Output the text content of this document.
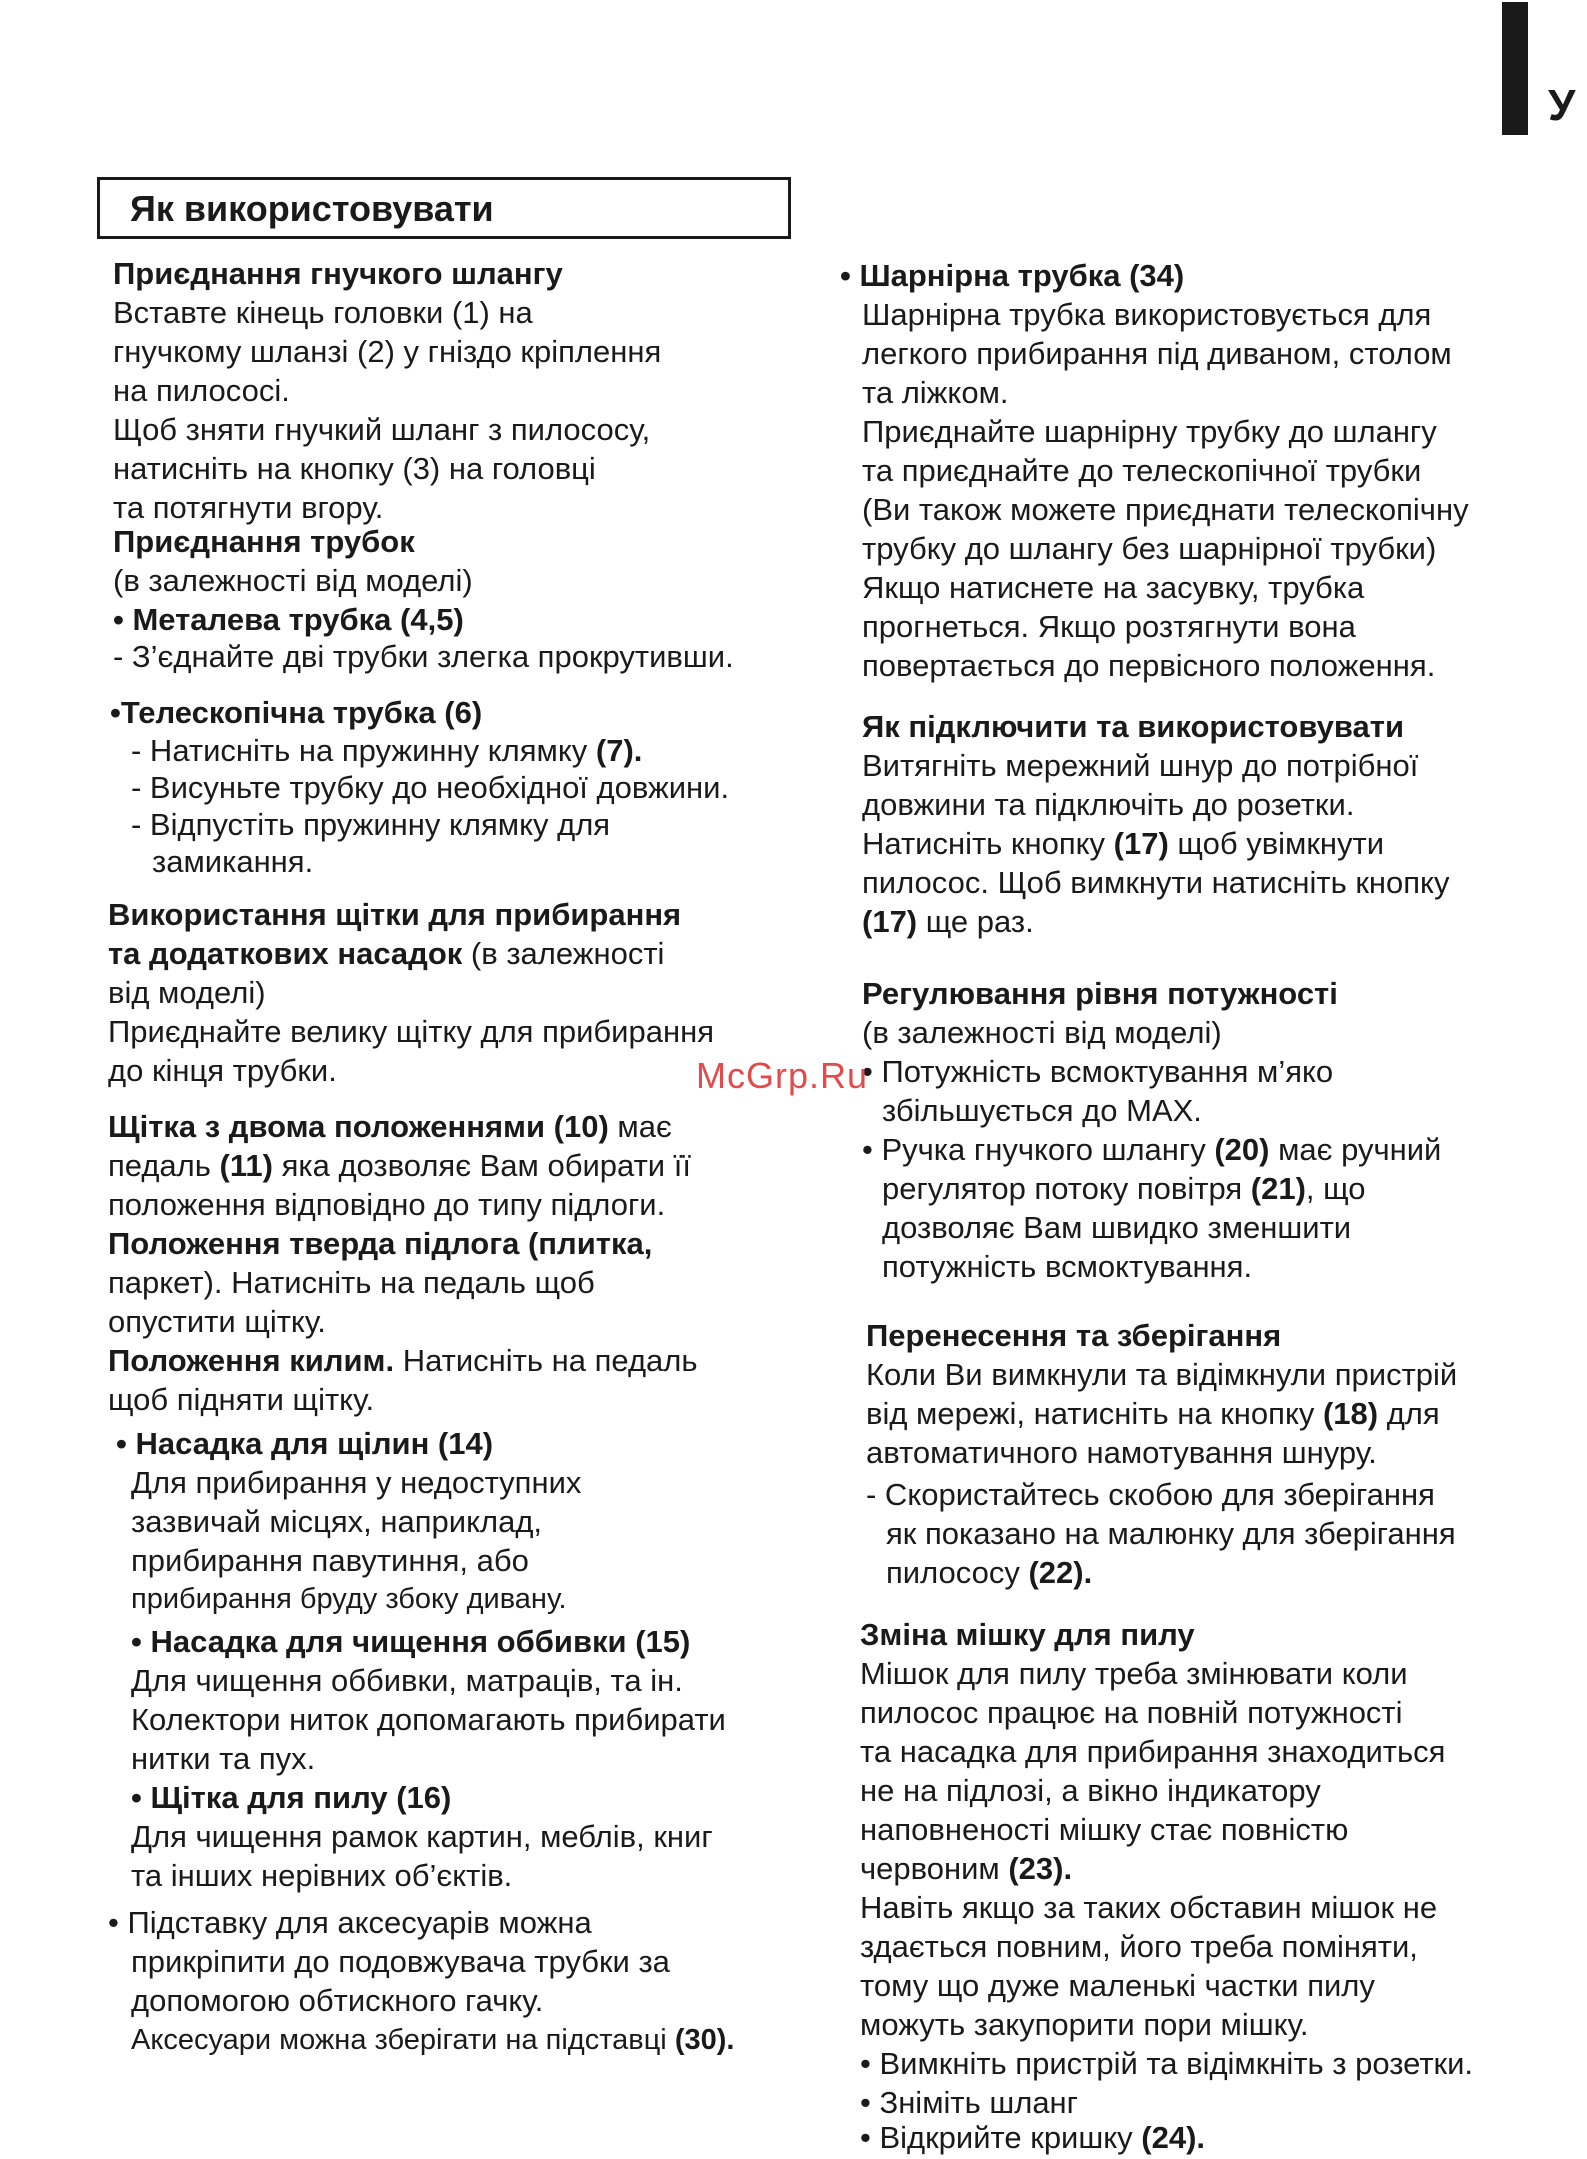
У
Як використовувати

Приєднання гнучкого шлангу

Вставте кінець головки (1) на

гнучкому шланзі (2) у гніздо кріплення

на пилососі.

Щоб зняти гнучкий шланг з пилососу,

натисніть на кнопку (3) на головці

та потягнути вгору.

Приєднання трубок

(в залежності від моделі)

• Металева трубка (4,5)

- З’єднайте дві трубки злегка прокрутивши.

•Телескопічна трубка (6)

- Натисніть на пружинну клямку (7).

- Висуньте трубку до необхідної довжини.

- Відпустіть пружинну клямку для

замикання.

Використання щітки для прибирання

та додаткових насадок (в залежності

від моделі)

Приєднайте велику щітку для прибирання

до кінця трубки.

Щітка з двома положеннями (10) має

педаль (11) яка дозволяє Вам обирати її

положення відповідно до типу підлоги.

Положення тверда підлога (плитка,

паркет). Натисніть на педаль щоб

опустити щітку.

Положення килим. Натисніть на педаль

щоб підняти щітку.

• Насадка для щілин (14)

Для прибирання у недоступних

зазвичай місцях, наприклад,

прибирання павутиння, або

прибирання бруду збоку дивану.

• Насадка для чищення оббивки (15)

Для чищення оббивки, матраців, та ін.

Колектори ниток допомагають прибирати

нитки та пух.

• Щітка для пилу (16)

Для чищення рамок картин, меблів, книг

та інших нерівних об’єктів.

• Підставку для аксесуарів можна

прикріпити до подовжувача трубки за

допомогою обтискного гачку.

Аксесуари можна зберігати на підставці (30).

• Шарнірна трубка (34)

Шарнірна трубка використовується для

легкого прибирання під диваном, столом

та ліжком.

Приєднайте шарнірну трубку до шлангу

та приєднайте до телескопічної трубки

(Ви також можете приєднати телескопічну

трубку до шлангу без шарнірної трубки)

Якщо натиснете на засувку, трубка

прогнеться. Якщо розтягнути вона

повертається до первісного положення.

Як підключити та використовувати

Витягніть мережний шнур до потрібної

довжини та підключіть до розетки.

Натисніть кнопку (17) щоб увімкнути

пилосос. Щоб вимкнути натисніть кнопку

(17) ще раз.

Регулювання рівня потужності

(в залежності від моделі)

• Потужність всмоктування м’яко

збільшується до MAX.

• Ручка гнучкого шлангу (20) має ручний

регулятор потоку повітря (21), що

дозволяє Вам швидко зменшити

потужність всмоктування.

Перенесення та зберігання

Коли Ви вимкнули та відімкнули пристрій

від мережі, натисніть на кнопку (18) для

автоматичного намотування шнуру.

- Скористайтесь скобою для зберігання

як показано на малюнку для зберігання

пилососу (22).

Зміна мішку для пилу

Мішок для пилу треба змінювати коли

пилосос працює на повній потужності

та насадка для прибирання знаходиться

не на підлозі, а вікно індикатору

наповненості мішку стає повністю

червоним (23).

Навіть якщо за таких обставин мішок не

здається повним, його треба поміняти,

тому що дуже маленькі частки пилу

можуть закупорити пори мішку.

• Вимкніть пристрій та відімкніть з розетки.

• Зніміть шланг

• Відкрийте кришку (24).

McGrp.Ru
